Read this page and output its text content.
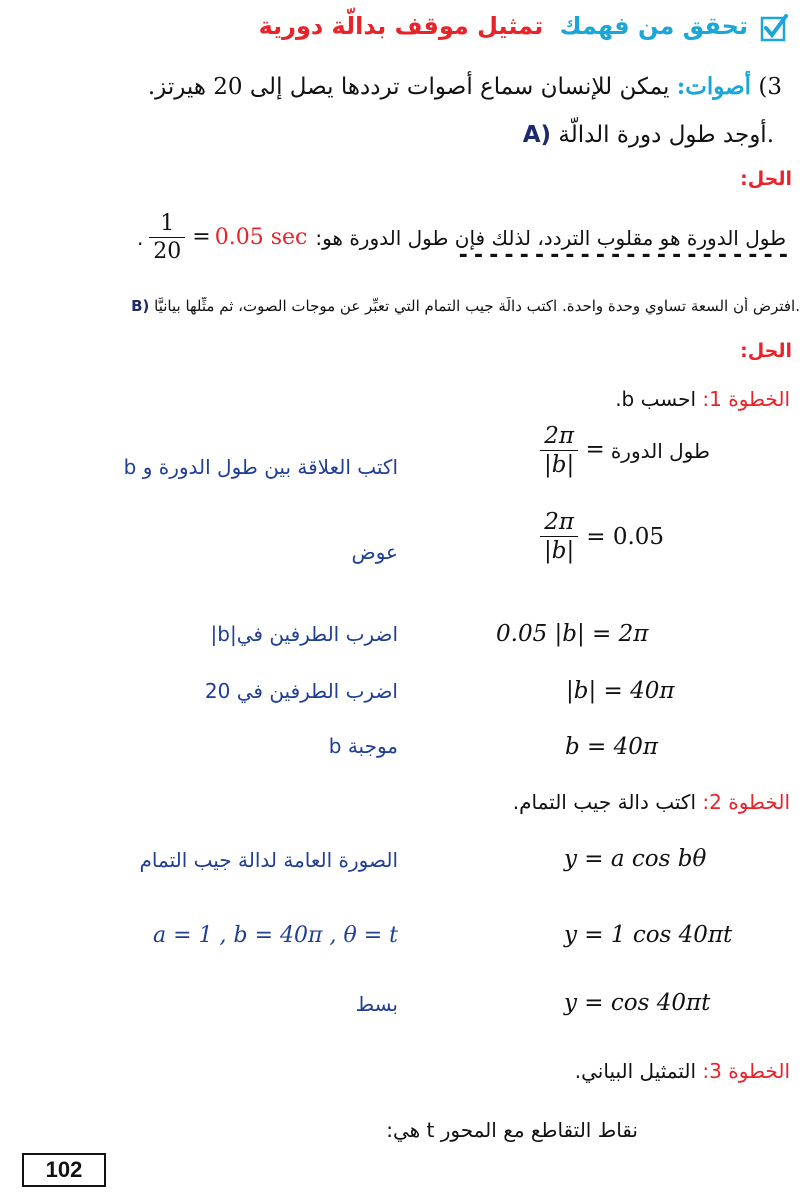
تحقق من فهمك تمثيل موقف بدالّة دورية
3) أصوات: يمكن للإنسان سماع أصوات ترددها يصل إلى 20 هيرتز.
A) أوجد طول دورة الدالّة.
الحل:
. $\frac{1}{20} = 0.05$ sec طول الدورة هو مقلوب التردد، لذلك فإن طول الدورة هو:
----------------------
B) افترض أن السعة تساوي وحدة واحدة. اكتب دالّة جيب التمام التي تعبِّر عن موجات الصوت، ثم مثِّلها بيانيًّا.
الحل:
الخطوة 1: احسب b.
اكتب العلاقة بين طول الدورة و b	$\frac{2\pi}{|b|}$ = طول الدورة
عوض	$\frac{2\pi}{|b|} = 0.05$
اضرب الطرفين في|b|	0.05 |b| = 2π
اضرب الطرفين في 20	|b| = 40π
b موجبة	b = 40π
الخطوة 2: اكتب دالة جيب التمام.
الصورة العامة لدالة جيب التمام	y = a cos bθ
a = 1 , b = 40π , θ = t	y = 1 cos 40πt
بسط	y = cos 40πt
الخطوة 3: التمثيل البياني.
نقاط التقاطع مع المحور t هي:
102
